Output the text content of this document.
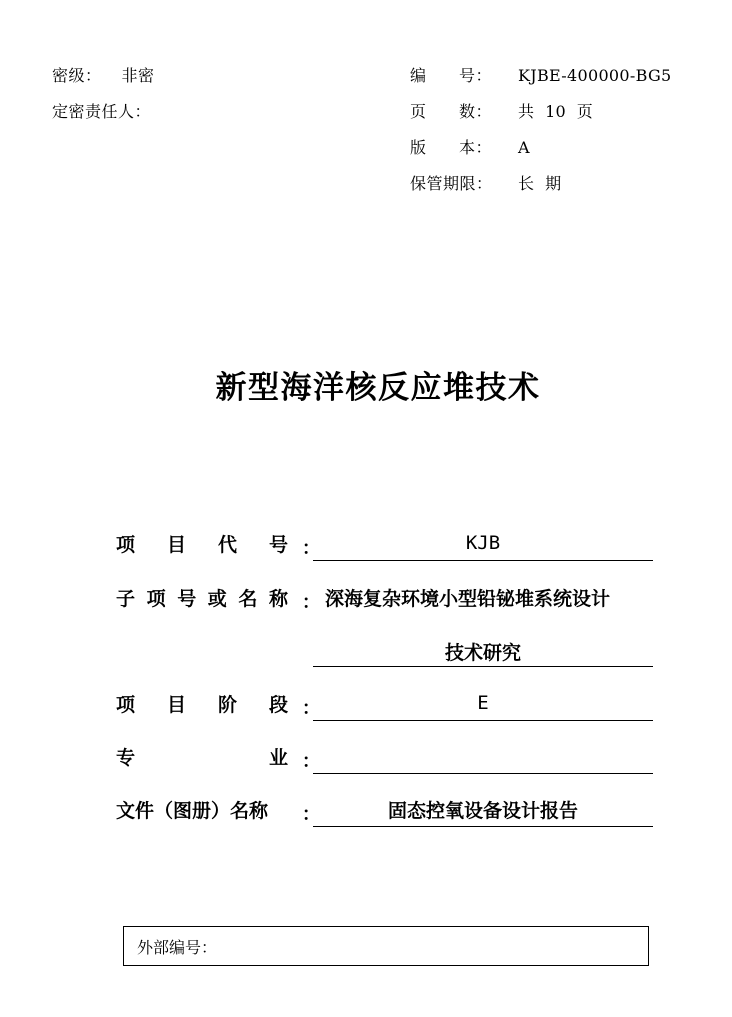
密级： 非密
定密责任人：
编 号： KJBE-400000-BG5
页 数： 共  10  页
版 本： A
保管期限：	长  期
新型海洋核反应堆技术
项 目 代 号 ：	KJB
子 项 号 或 名 称 ： 深海复杂环境小型铅铋堆系统设计
技术研究
项 目 阶 段 ：	E
专	业 ：
文件（图册）名称	：	固态控氧设备设计报告
外部编号：
